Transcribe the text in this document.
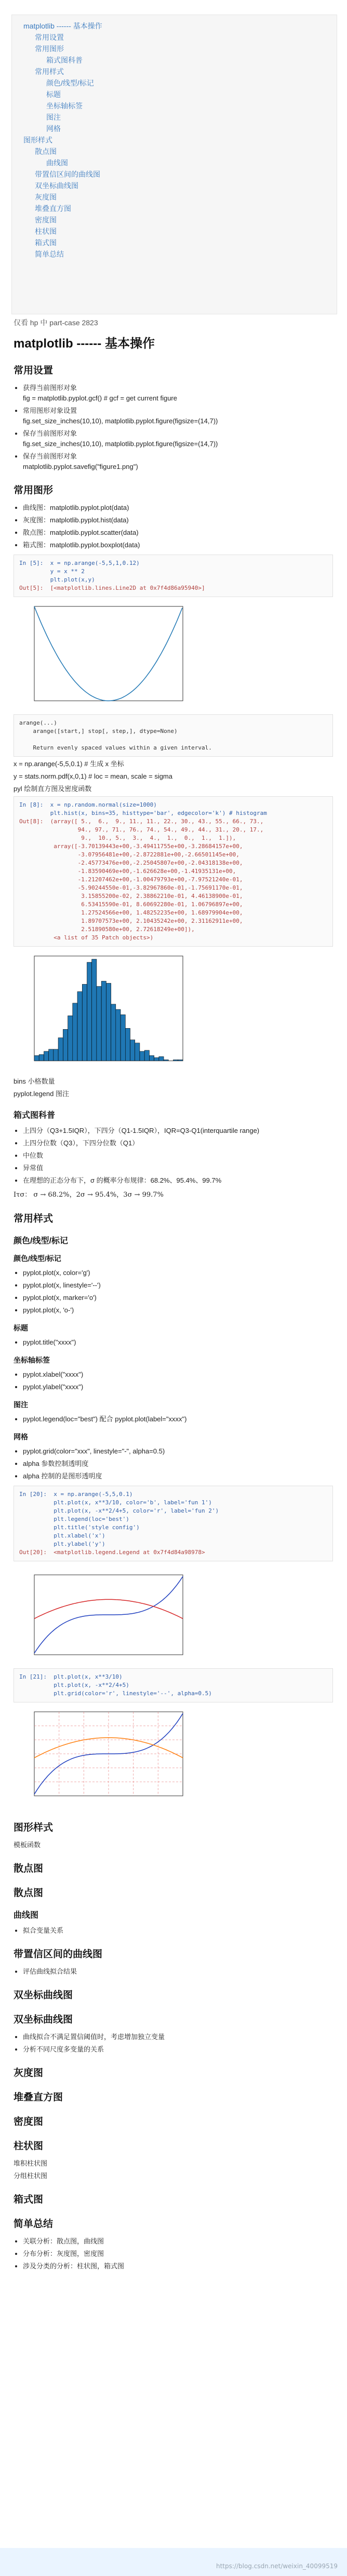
matplotlib ------ 基本操作
常用设置
常用图形
箱式图科普
常用样式
颜色/线型/标记
标题
坐标轴标签
图注
网格
图形样式
散点图
曲线图
带置信区间的曲线图
双坐标曲线图
灰度图
堆叠直方图
密度图
柱状图
箱式图
简单总结

仅看 hp 中 part-case 2823

matplotlib ------ 基本操作
常用设置
• 获得当前图形对象
fig = matplotlib.pyplot.gcf() # gcf = get current figure
• 常用图形对象设置
fig.set_size_inches(10,10), matplotlib.pyplot.figure(figsize=(14,7))
• 保存当前图形对象
fig.set_size_inches(10,10), matplotlib.pyplot.figure(figsize=(14,7))
• 保存当前图形对象
matplotlib.pyplot.savefig("figure1.png")
常用图形
• 曲线图：matplotlib.pyplot.plot(data)
• 灰度图：matplotlib.pyplot.hist(data)
• 散点图：matplotlib.pyplot.scatter(data)
• 箱式图：matplotlib.pyplot.boxplot(data)
In [5]:  x = np.arange(-5,5,1,0.12)
y = x ** 2
plt.plot(x,y)
Out[5]:  [<matplotlib.lines.Line2D at 0x7f4d86a95940>]
arange(...)
arange([start,] stop[, step,], dtype=None)

Return evenly spaced values within a given interval.

x = np.arange(-5,5,0.1) # 生成 x 坐标

y = stats.norm.pdf(x,0,1) # loc = mean, scale = sigma

pyl 绘制直方图及密度函数

In [8]:  x = np.random.normal(size=1000)
plt.hist(x, bins=35, histtype='bar', edgecolor='k') # histogram
Out[8]:  (array([ 5.,  6.,  9., 11., 11., 22., 30., 43., 55., 66., 73.,
94., 97., 71., 76., 74., 54., 49., 44., 31., 20., 17.,
9.,  10., 5.,  3.,  4.,  1.,  0.,  1.,  1.]),
array([-3.70139443e+00,-3.49411755e+00,-3.28684157e+00,
-3.07956481e+00,-2.8722881e+00,-2.66501145e+00,
-2.45773476e+00,-2.25045807e+00,-2.04318138e+00,
-1.83590469e+00,-1.626628e+00,-1.41935131e+00,
-1.21207462e+00,-1.00479793e+00,-7.97521240e-01,
-5.90244550e-01,-3.82967860e-01,-1.75691170e-01,
3.15855200e-02, 2.38862210e-01, 4.46138900e-01,
6.53415590e-01, 8.60692280e-01, 1.06796897e+00,
1.27524566e+00, 1.48252235e+00, 1.68979904e+00,
1.89707573e+00, 2.10435242e+00, 2.31162911e+00,
2.51890580e+00, 2.72618249e+00]),
<a list of 35 Patch objects>)

bins 小格数量

pyplot.legend 图注

箱式图科普
• 上四分（Q3+1.5IQR），下四分（Q1-1.5IQR），IQR=Q3-Q1(interquartile range)
• 上四分位数（Q3），下四分位数（Q1）
• 中位数
• 异常值
• 在理想的正态分布下，σ 的概率分布规律：68.2%、95.4%、99.7%

Ιτσ： σ → 68.2%，2σ → 95.4%，3σ → 99.7%

常用样式
颜色/线型/标记
颜色/线型/标记
• pyplot.plot(x, color='g')
• pyplot.plot(x, linestyle='--')
• pyplot.plot(x, marker='o')
• pyplot.plot(x, 'o-')
标题
• pyplot.title("xxxx")
坐标轴标签
• pyplot.xlabel("xxxx")
• pyplot.ylabel("xxxx")
图注
• pyplot.legend(loc="best") 配合 pyplot.plot(label="xxxx")
网格
• pyplot.grid(color="xxx", linestyle="-", alpha=0.5)
• alpha 参数控制透明度
• alpha 控制的是图形透明度
In [20]:  x = np.arange(-5,5,0.1)
plt.plot(x, x**3/10, color='b', label='fun 1')
plt.plot(x, -x**2/4+5, color='r', label='fun 2')
plt.legend(loc='best')
plt.title('style config')
plt.xlabel('x')
plt.ylabel('y')
Out[20]:  <matplotlib.legend.Legend at 0x7f4d84a98978>
In [21]:  plt.plot(x, x**3/10)
plt.plot(x, -x**2/4+5)
plt.grid(color='r', linestyle='--', alpha=0.5)
图形样式

模板函数

散点图
散点图
曲线图
• 拟合变量关系
带置信区间的曲线图
• 评估曲线拟合结果
双坐标曲线图
双坐标曲线图
• 曲线拟合不满足置信阈值时，考虑增加独立变量
• 分析不同尺度多变量的关系
灰度图
堆叠直方图
密度图
柱状图

堆积柱状图

分组柱状图

箱式图
简单总结
• 关联分析：散点图，曲线图
• 分布分析：灰度图，密度图
• 涉及分类的分析：柱状图，箱式图
https://blog.csdn.net/weixin_40099519
